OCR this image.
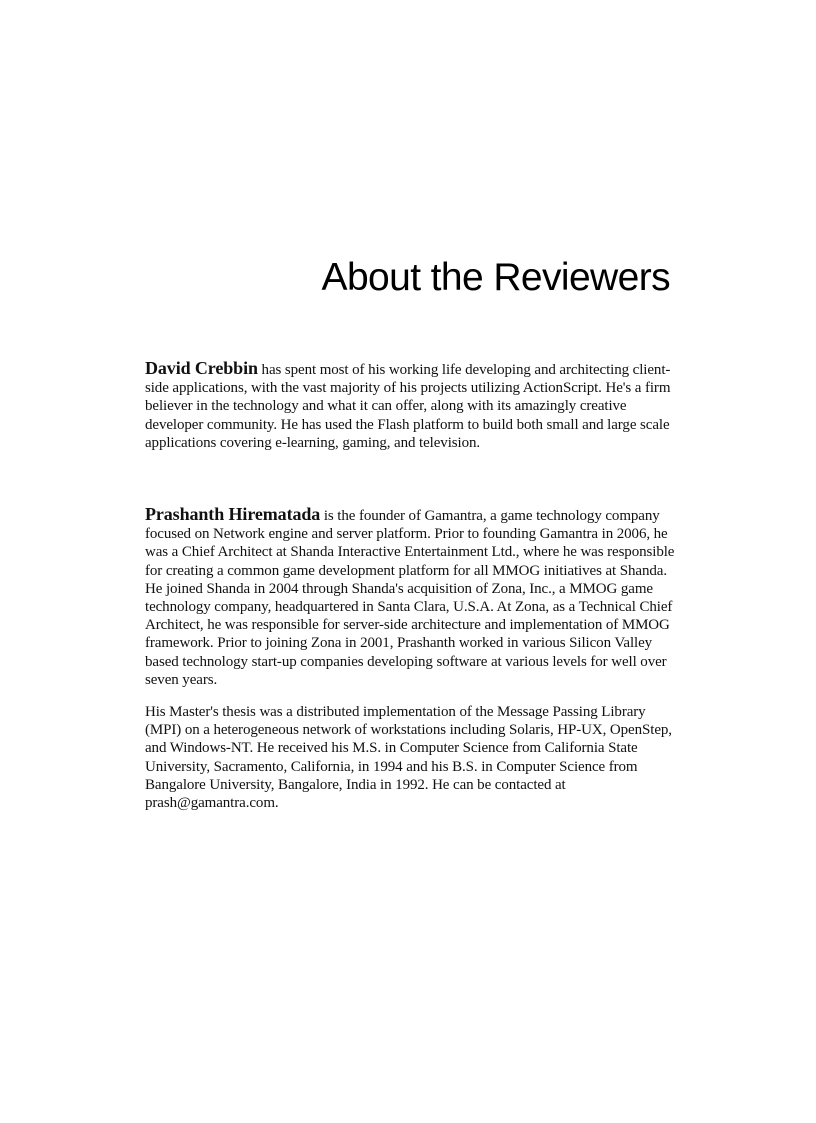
About the Reviewers

David Crebbin has spent most of his working life developing and architecting client-side applications, with the vast majority of his projects utilizing ActionScript. He's a firm believer in the technology and what it can offer, along with its amazingly creative developer community. He has used the Flash platform to build both small and large scale applications covering e-learning, gaming, and television.

Prashanth Hirematada is the founder of Gamantra, a game technology company focused on Network engine and server platform. Prior to founding Gamantra in 2006, he was a Chief Architect at Shanda Interactive Entertainment Ltd., where he was responsible for creating a common game development platform for all MMOG initiatives at Shanda. He joined Shanda in 2004 through Shanda's acquisition of Zona, Inc., a MMOG game technology company, headquartered in Santa Clara, U.S.A. At Zona, as a Technical Chief Architect, he was responsible for server-side architecture and implementation of MMOG framework. Prior to joining Zona in 2001, Prashanth worked in various Silicon Valley based technology start-up companies developing software at various levels for well over seven years.

His Master's thesis was a distributed implementation of the Message Passing Library (MPI) on a heterogeneous network of workstations including Solaris, HP-UX, OpenStep, and Windows-NT. He received his M.S. in Computer Science from California State University, Sacramento, California, in 1994 and his B.S. in Computer Science from Bangalore University, Bangalore, India in 1992. He can be contacted at prash@gamantra.com.
